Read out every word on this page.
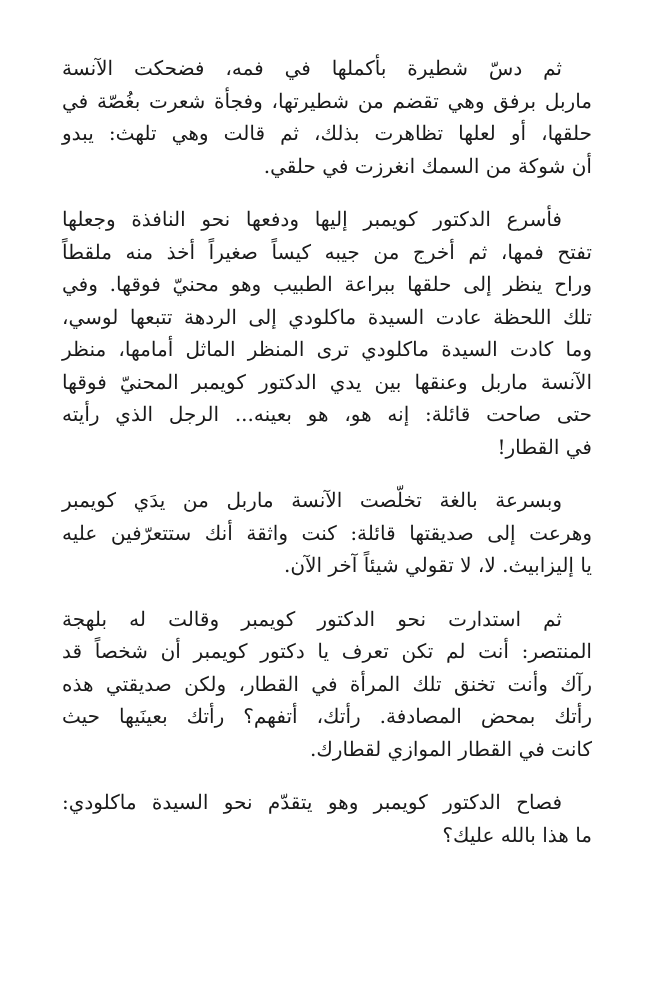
ثم دسّ شطيرة بأكملها في فمه، فضحكت الآنسة
ماربل برفق وهي تقضم من شطيرتها، وفجأة شعرت بغُصّة في
حلقها، أو لعلها تظاهرت بذلك، ثم قالت وهي تلهث: يبدو
أن شوكة من السمك انغرزت في حلقي.

فأسرع الدكتور كويمبر إليها ودفعها نحو النافذة وجعلها
تفتح فمها، ثم أخرج من جيبه كيساً صغيراً أخذ منه ملقطاً
وراح ينظر إلى حلقها ببراعة الطبيب وهو محنيّ فوقها. وفي
تلك اللحظة عادت السيدة ماكلودي إلى الردهة تتبعها لوسي،
وما كادت السيدة ماكلودي ترى المنظر الماثل أمامها، منظر
الآنسة ماربل وعنقها بين يدي الدكتور كويمبر المحنيّ فوقها
حتى صاحت قائلة: إنه هو، هو بعينه... الرجل الذي رأيته
في القطار!

وبسرعة بالغة تخلّصت الآنسة ماربل من يدَي كويمبر
وهرعت إلى صديقتها قائلة: كنت واثقة أنك ستتعرّفين عليه
يا إليزابيث. لا، لا تقولي شيئاً آخر الآن.

ثم استدارت نحو الدكتور كويمبر وقالت له بلهجة
المنتصر: أنت لم تكن تعرف يا دكتور كويمبر أن شخصاً قد
رآك وأنت تخنق تلك المرأة في القطار، ولكن صديقتي هذه
رأتك بمحض المصادفة. رأتك، أتفهم؟ رأتك بعينَيها حيث
كانت في القطار الموازي لقطارك.

فصاح الدكتور كويمبر وهو يتقدّم نحو السيدة ماكلودي:
ما هذا بالله عليك؟
